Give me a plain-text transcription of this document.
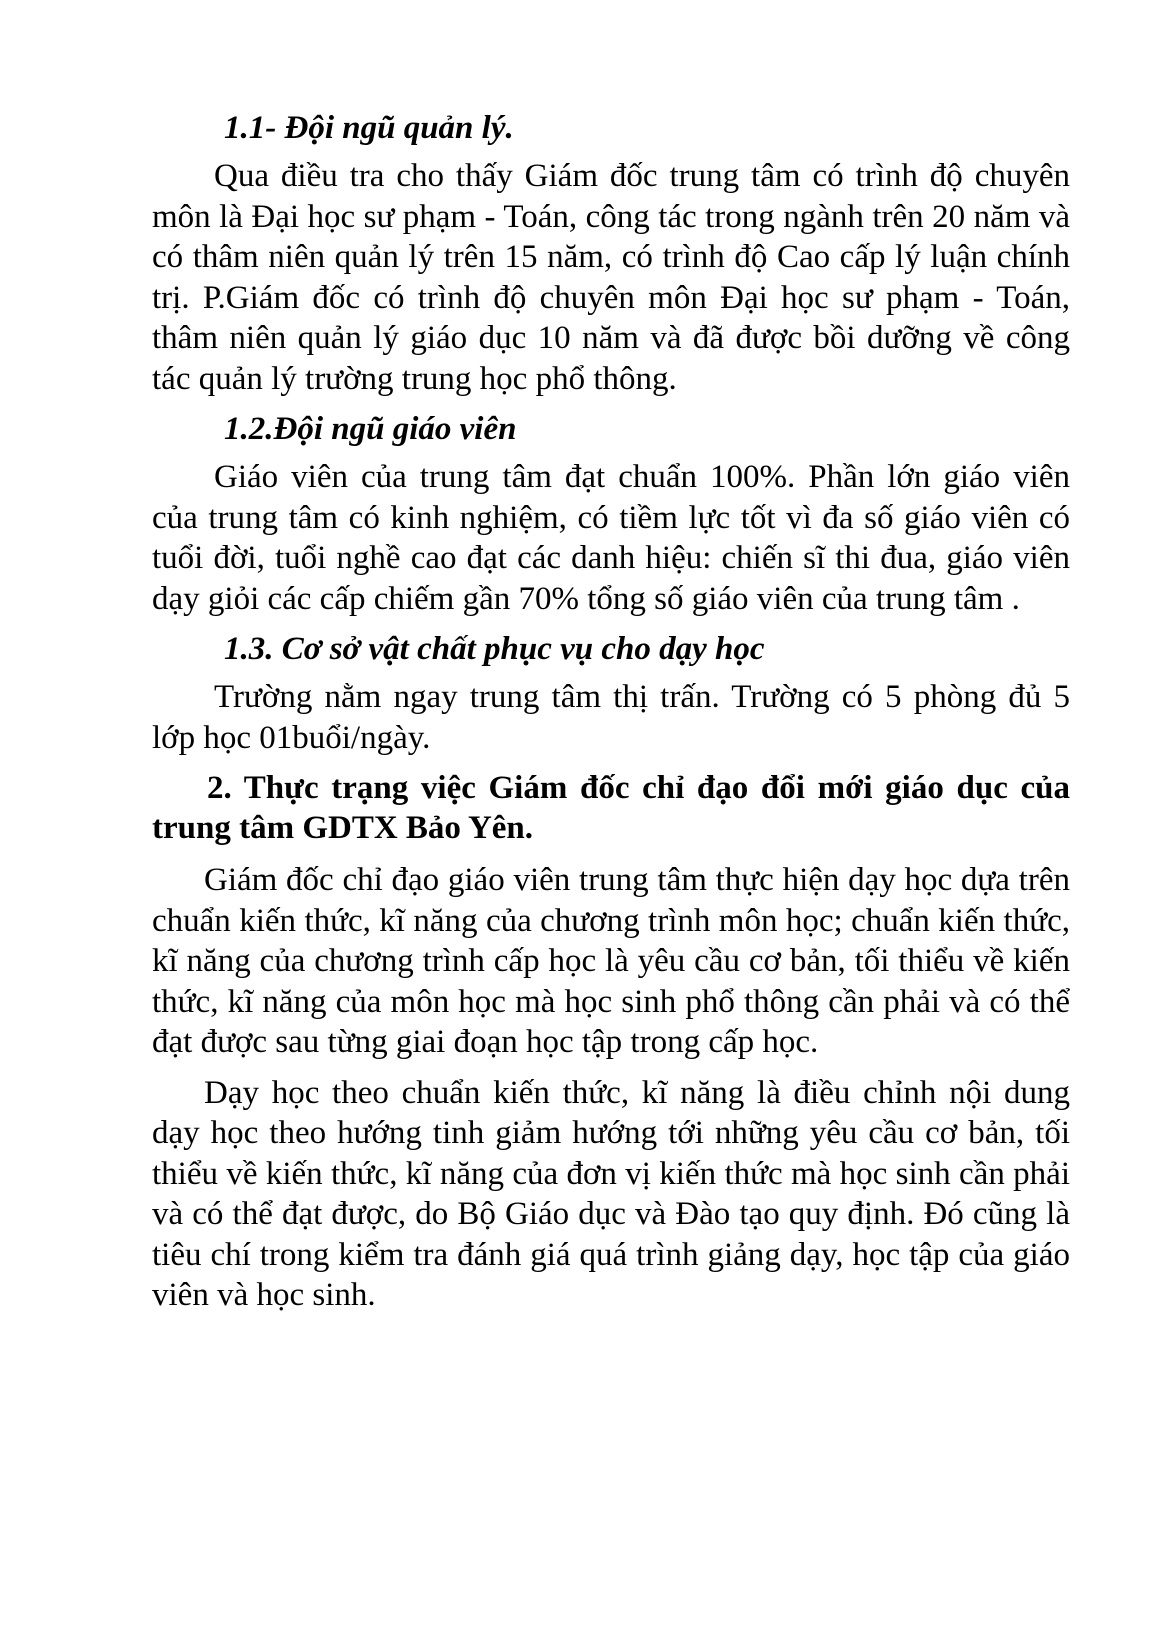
1.1- Đội ngũ quản lý.

Qua điều tra cho thấy Giám đốc trung tâm có trình độ chuyên môn là Đại học sư phạm - Toán, công tác trong ngành trên 20 năm và có thâm niên quản lý trên 15 năm, có trình độ Cao cấp lý luận chính trị. P.Giám đốc có trình độ chuyên môn Đại học sư phạm - Toán, thâm niên quản lý giáo dục 10 năm và đã được bồi dưỡng về công tác quản lý trường trung học phổ thông.

1.2.Đội ngũ giáo viên

Giáo viên của trung tâm đạt chuẩn 100%. Phần lớn giáo viên của trung tâm có kinh nghiệm, có tiềm lực tốt vì đa số giáo viên có tuổi đời, tuổi nghề cao đạt các danh hiệu: chiến sĩ thi đua, giáo viên dạy giỏi các cấp chiếm gần 70% tổng số giáo viên của trung tâm .

1.3. Cơ sở vật chất phục vụ cho dạy học

Trường nằm ngay trung tâm thị trấn. Trường có 5 phòng đủ 5 lớp học 01buổi/ngày.

2. Thực trạng việc Giám đốc chỉ đạo đổi mới giáo dục của trung tâm GDTX Bảo Yên.

Giám đốc chỉ đạo giáo viên trung tâm thực hiện dạy học dựa trên chuẩn kiến thức, kĩ năng của chương trình môn học; chuẩn kiến thức, kĩ năng của chương trình cấp học là yêu cầu cơ bản, tối thiểu về kiến thức, kĩ năng của môn học mà học sinh phổ thông cần phải và có thể đạt được sau từng giai đoạn học tập trong cấp học.

Dạy học theo chuẩn kiến thức, kĩ năng là điều chỉnh nội dung dạy học theo hướng tinh giảm hướng tới những yêu cầu cơ bản, tối thiểu về kiến thức, kĩ năng của đơn vị kiến thức mà học sinh cần phải và có thể đạt được, do Bộ Giáo dục và Đào tạo quy định. Đó cũng là tiêu chí trong kiểm tra đánh giá quá trình giảng dạy, học tập của giáo viên và học sinh.
